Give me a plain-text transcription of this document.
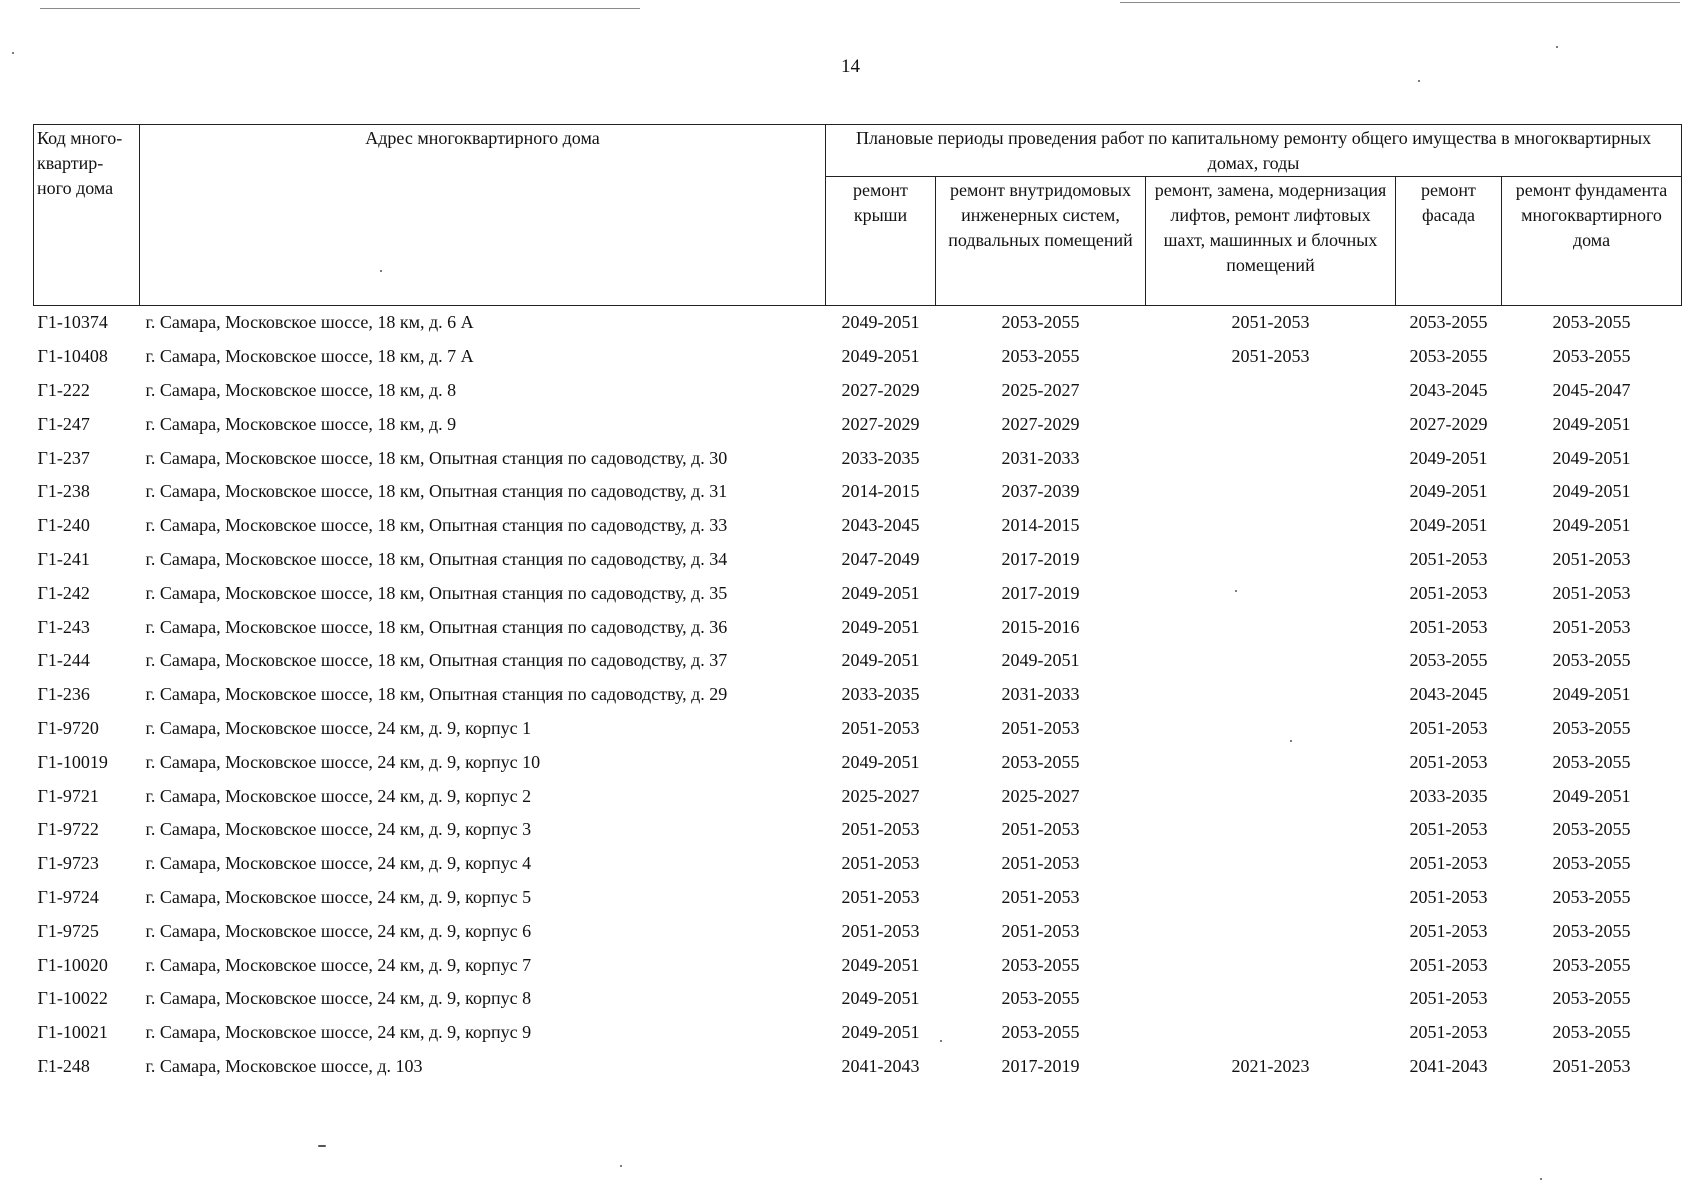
14
Код много-квартир-ного дома	Адрес многоквартирного дома	Плановые периоды проведения работ по капитальному ремонту общего имущества в многоквартирных домах, годы				
		ремонт крыши	ремонт внутридомовых инженерных систем, подвальных помещений	ремонт, замена, модернизация лифтов, ремонт лифтовых шахт, машинных и блочных помещений	ремонт фасада	ремонт фундамента многоквартирного дома
Г1-10374	г. Самара, Московское шоссе, 18 км, д. 6 А	2049-2051	2053-2055	2051-2053	2053-2055	2053-2055
Г1-10408	г. Самара, Московское шоссе, 18 км, д. 7 А	2049-2051	2053-2055	2051-2053	2053-2055	2053-2055
Г1-222	г. Самара, Московское шоссе, 18 км, д. 8	2027-2029	2025-2027		2043-2045	2045-2047
Г1-247	г. Самара, Московское шоссе, 18 км, д. 9	2027-2029	2027-2029		2027-2029	2049-2051
Г1-237	г. Самара, Московское шоссе, 18 км, Опытная станция по садоводству, д. 30	2033-2035	2031-2033		2049-2051	2049-2051
Г1-238	г. Самара, Московское шоссе, 18 км, Опытная станция по садоводству, д. 31	2014-2015	2037-2039		2049-2051	2049-2051
Г1-240	г. Самара, Московское шоссе, 18 км, Опытная станция по садоводству, д. 33	2043-2045	2014-2015		2049-2051	2049-2051
Г1-241	г. Самара, Московское шоссе, 18 км, Опытная станция по садоводству, д. 34	2047-2049	2017-2019		2051-2053	2051-2053
Г1-242	г. Самара, Московское шоссе, 18 км, Опытная станция по садоводству, д. 35	2049-2051	2017-2019		2051-2053	2051-2053
Г1-243	г. Самара, Московское шоссе, 18 км, Опытная станция по садоводству, д. 36	2049-2051	2015-2016		2051-2053	2051-2053
Г1-244	г. Самара, Московское шоссе, 18 км, Опытная станция по садоводству, д. 37	2049-2051	2049-2051		2053-2055	2053-2055
Г1-236	г. Самара, Московское шоссе, 18 км, Опытная станция по садоводству, д. 29	2033-2035	2031-2033		2043-2045	2049-2051
Г1-9720	г. Самара, Московское шоссе, 24 км, д. 9, корпус 1	2051-2053	2051-2053		2051-2053	2053-2055
Г1-10019	г. Самара, Московское шоссе, 24 км, д. 9, корпус 10	2049-2051	2053-2055		2051-2053	2053-2055
Г1-9721	г. Самара, Московское шоссе, 24 км, д. 9, корпус 2	2025-2027	2025-2027		2033-2035	2049-2051
Г1-9722	г. Самара, Московское шоссе, 24 км, д. 9, корпус 3	2051-2053	2051-2053		2051-2053	2053-2055
Г1-9723	г. Самара, Московское шоссе, 24 км, д. 9, корпус 4	2051-2053	2051-2053		2051-2053	2053-2055
Г1-9724	г. Самара, Московское шоссе, 24 км, д. 9, корпус 5	2051-2053	2051-2053		2051-2053	2053-2055
Г1-9725	г. Самара, Московское шоссе, 24 км, д. 9, корпус 6	2051-2053	2051-2053		2051-2053	2053-2055
Г1-10020	г. Самара, Московское шоссе, 24 км, д. 9, корпус 7	2049-2051	2053-2055		2051-2053	2053-2055
Г1-10022	г. Самара, Московское шоссе, 24 км, д. 9, корпус 8	2049-2051	2053-2055		2051-2053	2053-2055
Г1-10021	г. Самара, Московское шоссе, 24 км, д. 9, корпус 9	2049-2051	2053-2055		2051-2053	2053-2055
Г1-248	г. Самара, Московское шоссе, д. 103	2041-2043	2017-2019	2021-2023	2041-2043	2051-2053
